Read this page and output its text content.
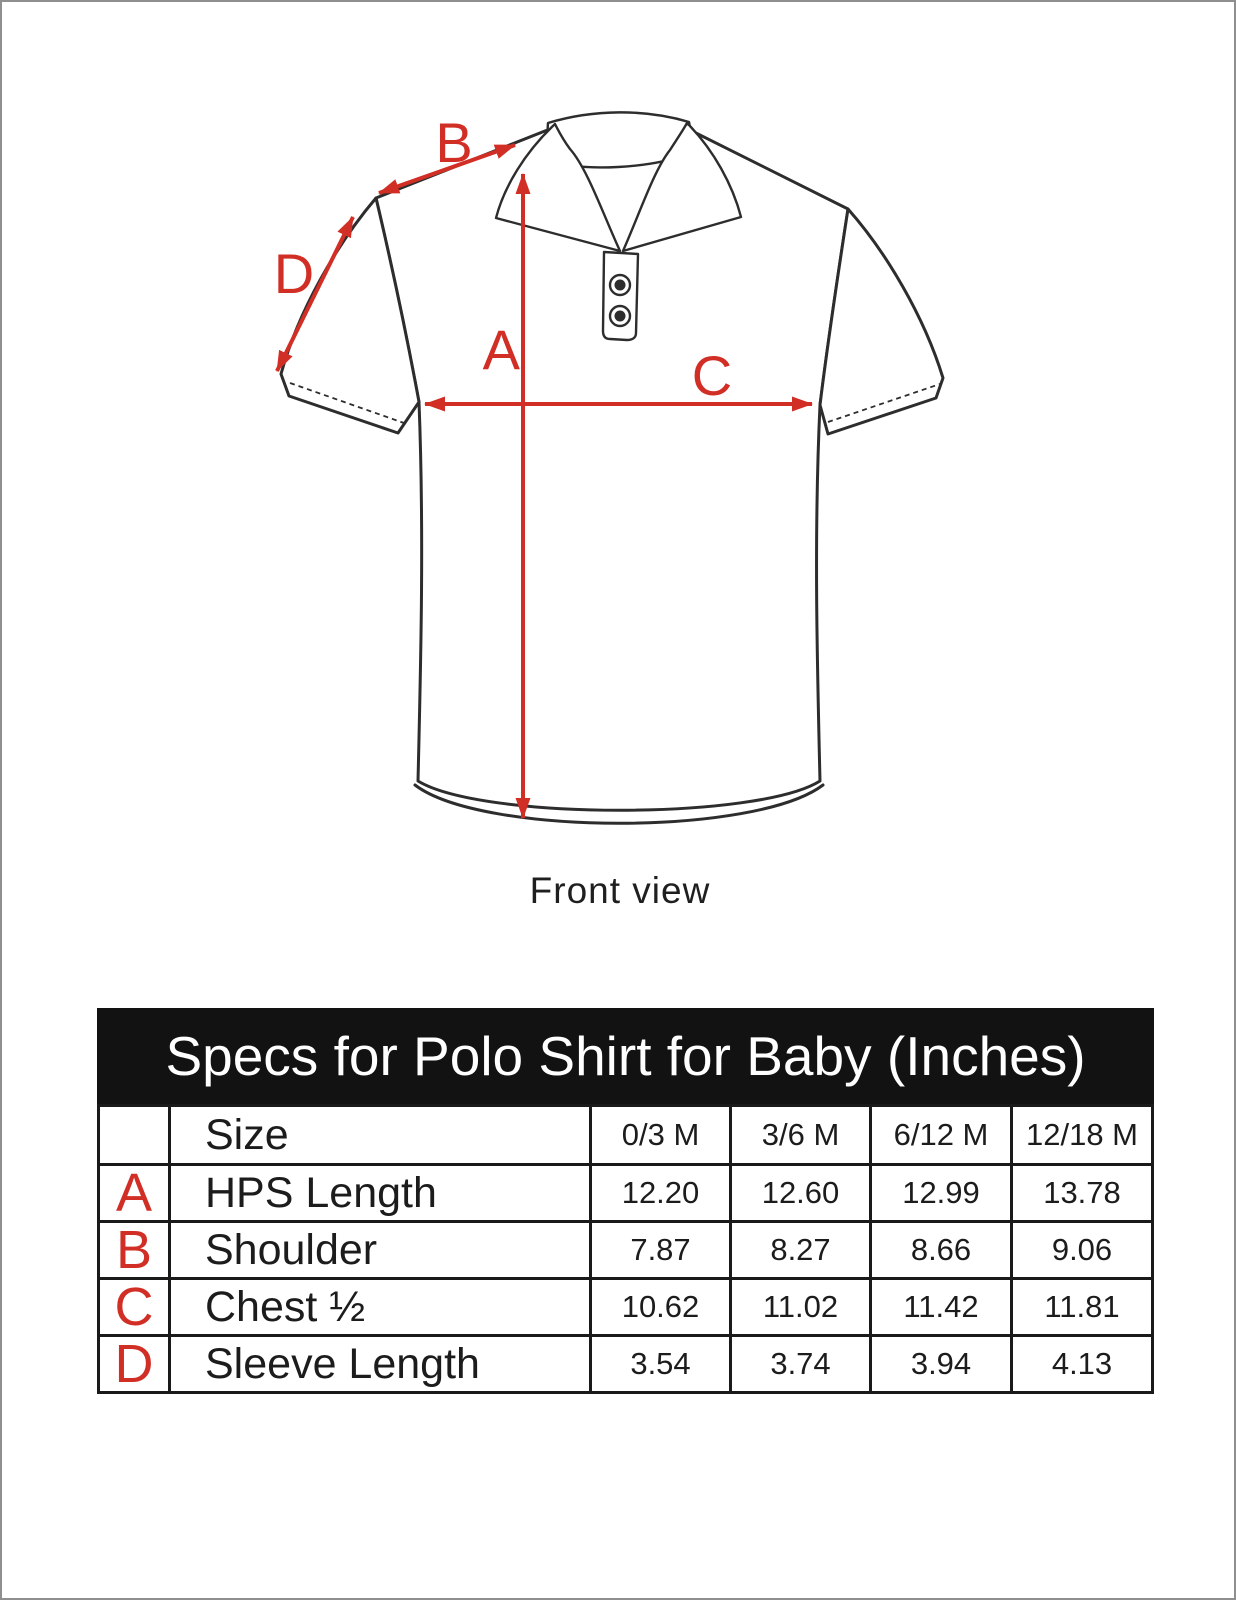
A
B
C
D
Front view
Specs for Polo Shirt for Baby (Inches)
Size	0/3 M	3/6 M	6/12 M	12/18 M
A	HPS Length	12.20	12.60	12.99	13.78
B	Shoulder	7.87	8.27	8.66	9.06
C	Chest ½	10.62	11.02	11.42	11.81
D	Sleeve Length	3.54	3.74	3.94	4.13
